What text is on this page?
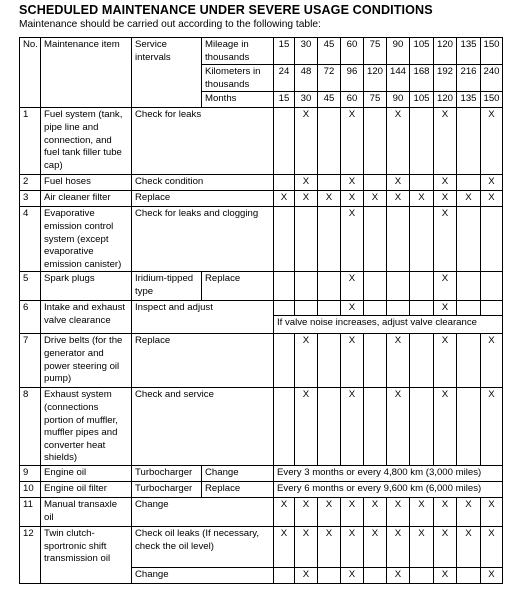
SCHEDULED MAINTENANCE UNDER SEVERE USAGE CONDITIONS
Maintenance should be carried out according to the following table:
No.	Maintenance item	Service intervals	Mileage in thousands	15	30	45	60	75	90	105	120	135	150
			Kilometers in thousands	24	48	72	96	120	144	168	192	216	240
			Months	15	30	45	60	75	90	105	120	135	150
1	Fuel system (tank, pipe line and connection, and fuel tank filler tube cap)	Check for leaks			X		X		X		X		X
2	Fuel hoses	Check condition			X		X		X		X		X
3	Air cleaner filter	Replace		X	X	X	X	X	X	X	X	X	X
4	Evaporative emission control system (except evaporative emission canister)	Check for leaks and clogging					X				X		
5	Spark plugs	Iridium-tipped type	Replace				X				X		
6	Intake and exhaust valve clearance	Inspect and adjust					X				X		
				If valve noise increases, adjust valve clearance									
7	Drive belts (for the generator and power steering oil pump)	Replace			X		X		X		X		X
8	Exhaust system (connections portion of muffler, muffler pipes and converter heat shields)	Check and service			X		X		X		X		X
9	Engine oil	Turbocharger	Change	Every 3 months or every 4,800 km (3,000 miles)									
10	Engine oil filter	Turbocharger	Replace	Every 6 months or every 9,600 km (6,000 miles)									
11	Manual transaxle oil	Change		X	X	X	X	X	X	X	X	X	X
12	Twin clutch-sportronic shift transmission oil	Check oil leaks (If necessary, check the oil level)		X	X	X	X	X	X	X	X	X	X
		Change			X		X		X		X		X
